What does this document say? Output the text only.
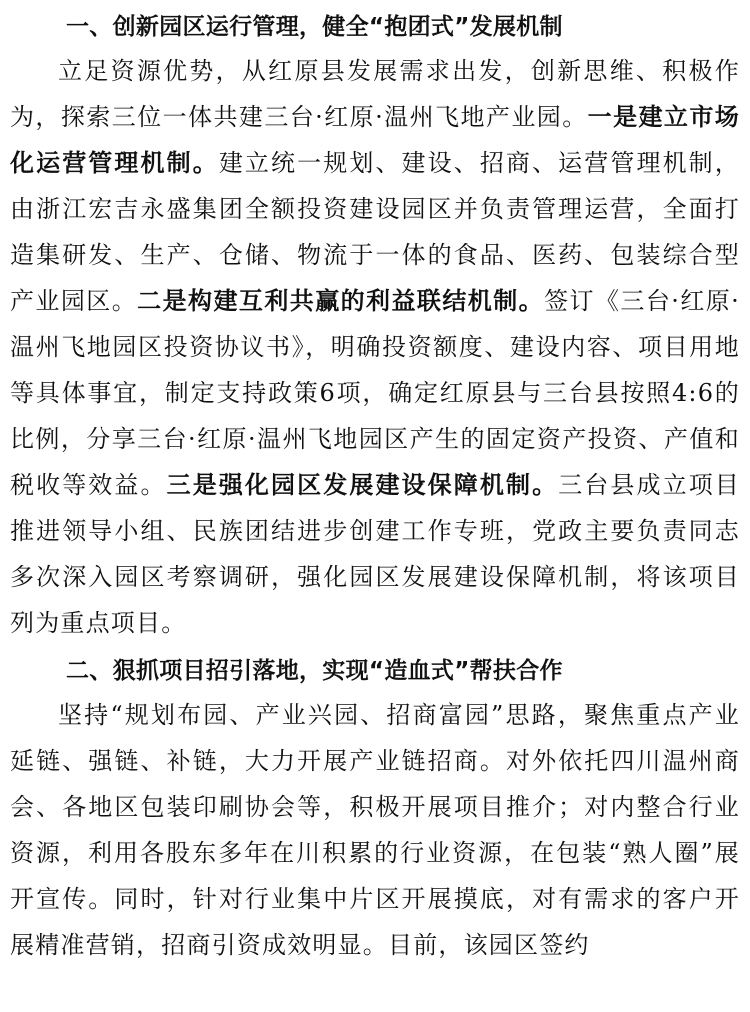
一、创新园区运行管理，健全“抱团式”发展机制

立足资源优势，从红原县发展需求出发，创新思维、积极作为，探索三位一体共建三台·红原·温州飞地产业园。一是建立市场化运营管理机制。建立统一规划、建设、招商、运营管理机制，由浙江宏吉永盛集团全额投资建设园区并负责管理运营，全面打造集研发、生产、仓储、物流于一体的食品、医药、包装综合型产业园区。二是构建互利共赢的利益联结机制。签订《三台·红原·温州飞地园区投资协议书》，明确投资额度、建设内容、项目用地等具体事宜，制定支持政策6项，确定红原县与三台县按照4:6的比例，分享三台·红原·温州飞地园区产生的固定资产投资、产值和税收等效益。三是强化园区发展建设保障机制。三台县成立项目推进领导小组、民族团结进步创建工作专班，党政主要负责同志多次深入园区考察调研，强化园区发展建设保障机制，将该项目列为重点项目。

二、狠抓项目招引落地，实现“造血式”帮扶合作

坚持“规划布园、产业兴园、招商富园”思路，聚焦重点产业延链、强链、补链，大力开展产业链招商。对外依托四川温州商会、各地区包装印刷协会等，积极开展项目推介；对内整合行业资源，利用各股东多年在川积累的行业资源，在包装“熟人圈”展开宣传。同时，针对行业集中片区开展摸底，对有需求的客户开展精准营销，招商引资成效明显。目前，该园区签约
